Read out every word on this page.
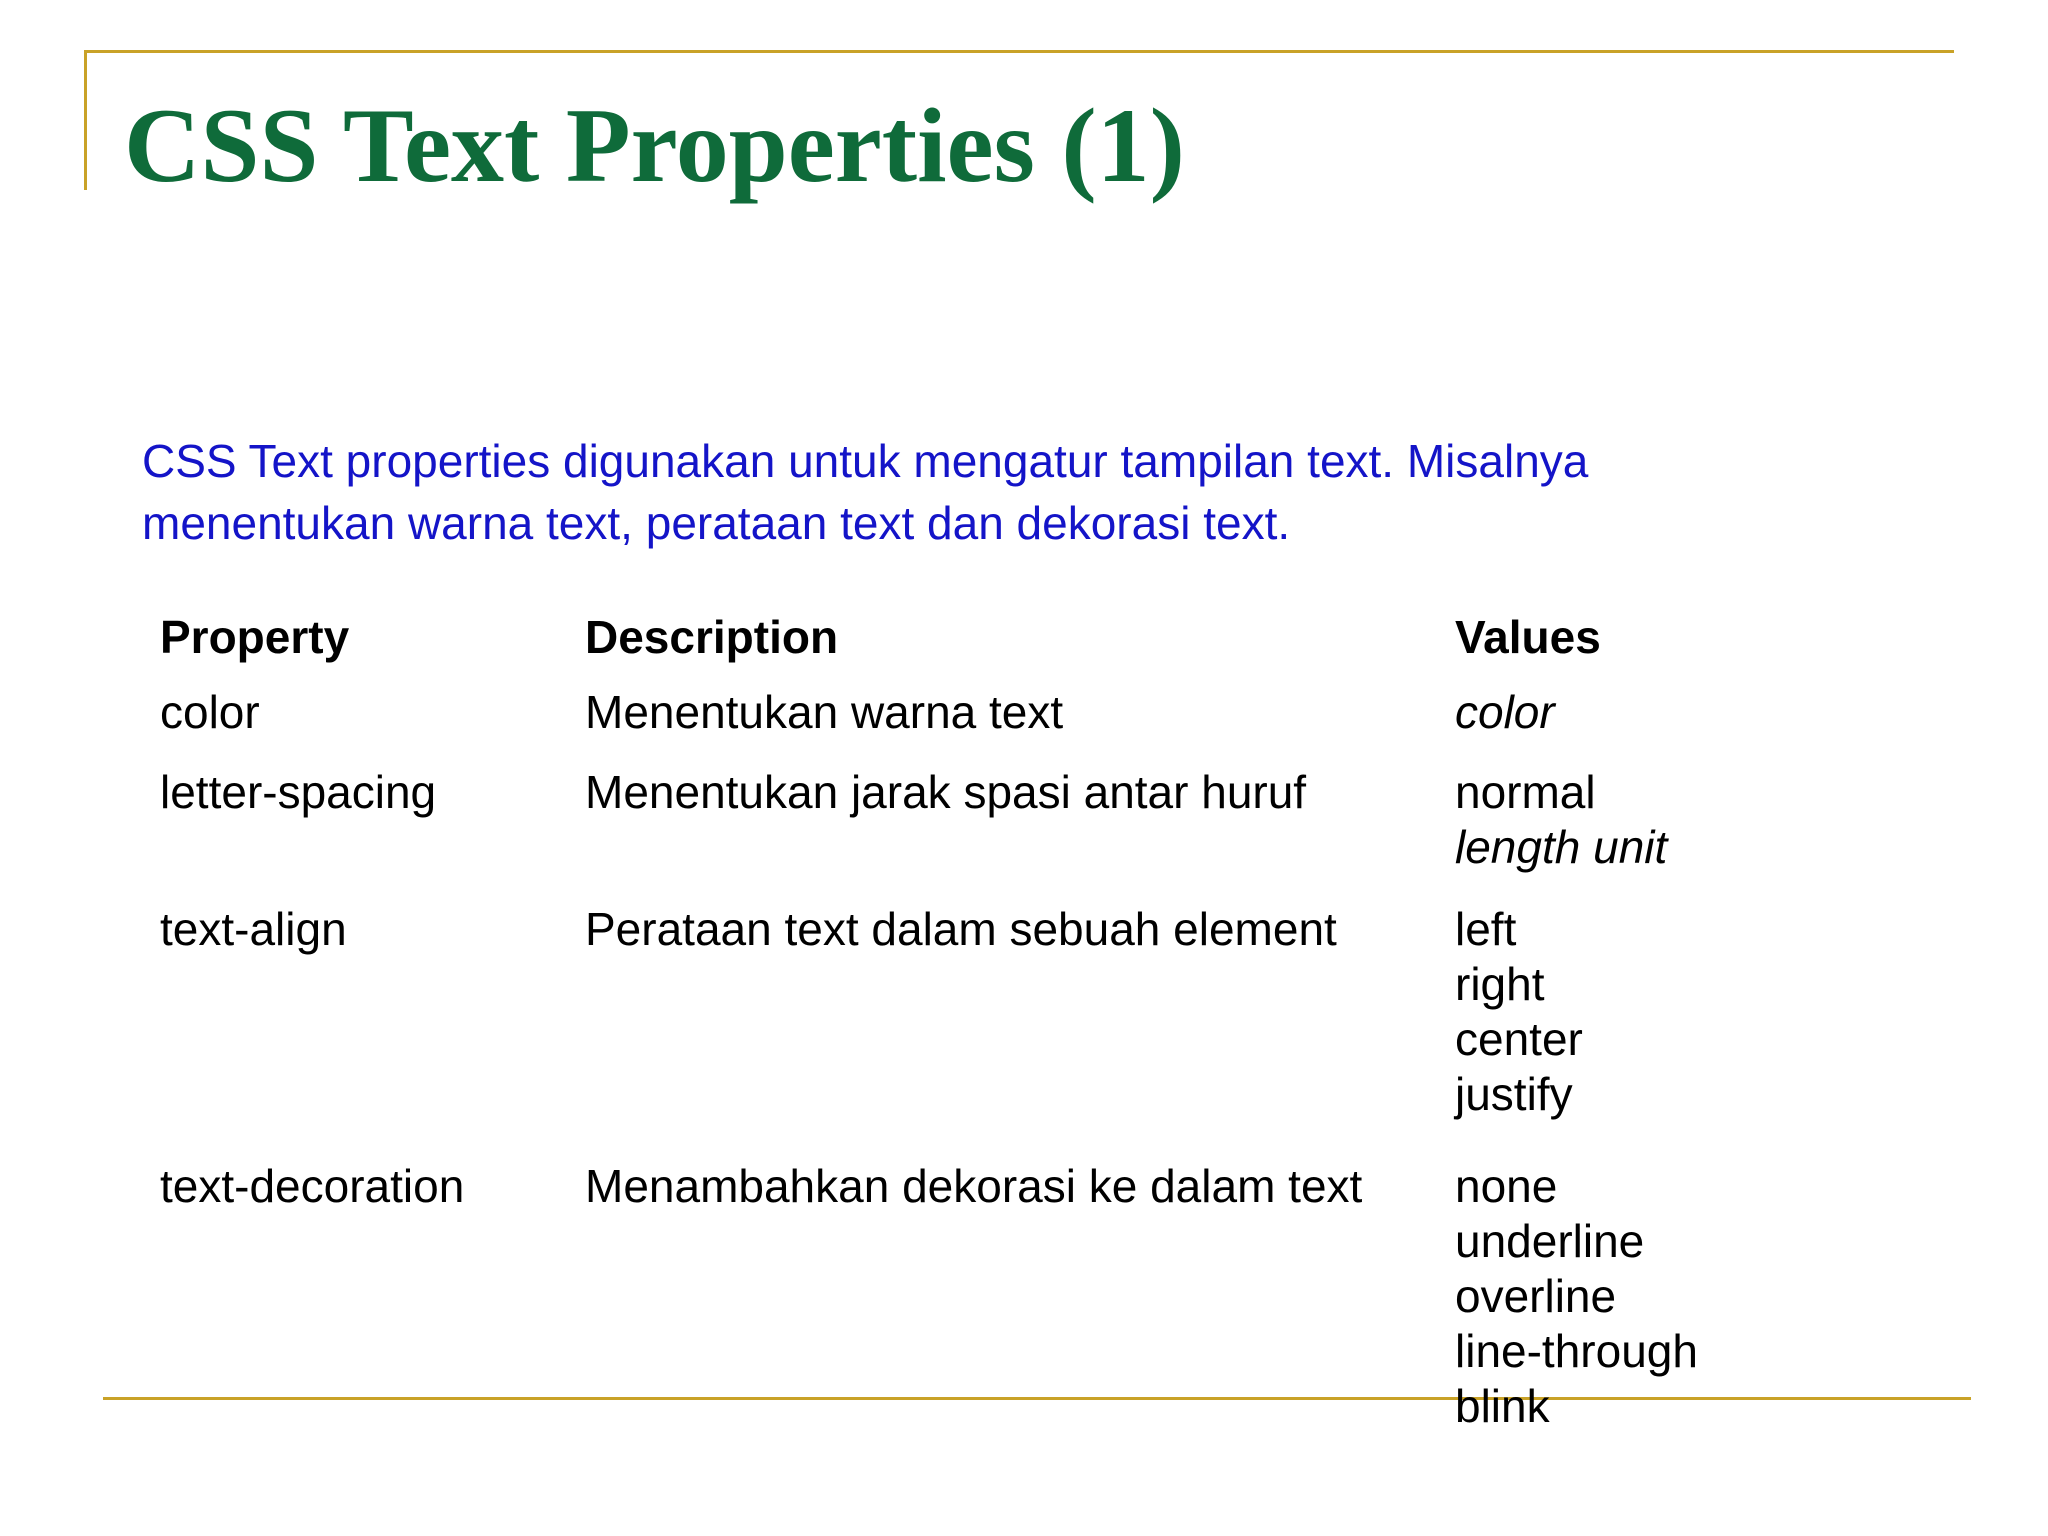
CSS Text Properties (1)

CSS Text properties digunakan untuk mengatur tampilan text. Misalnya
menentukan warna text, perataan text dan dekorasi text.

Property	Description	Values
color	Menentukan warna text	color
letter-spacing	Menentukan jarak spasi antar huruf	normal
length unit
text-align	Perataan text dalam sebuah element	left
right
center
justify
text-decoration	Menambahkan dekorasi ke dalam text	none
underline
overline
line-through
blink
